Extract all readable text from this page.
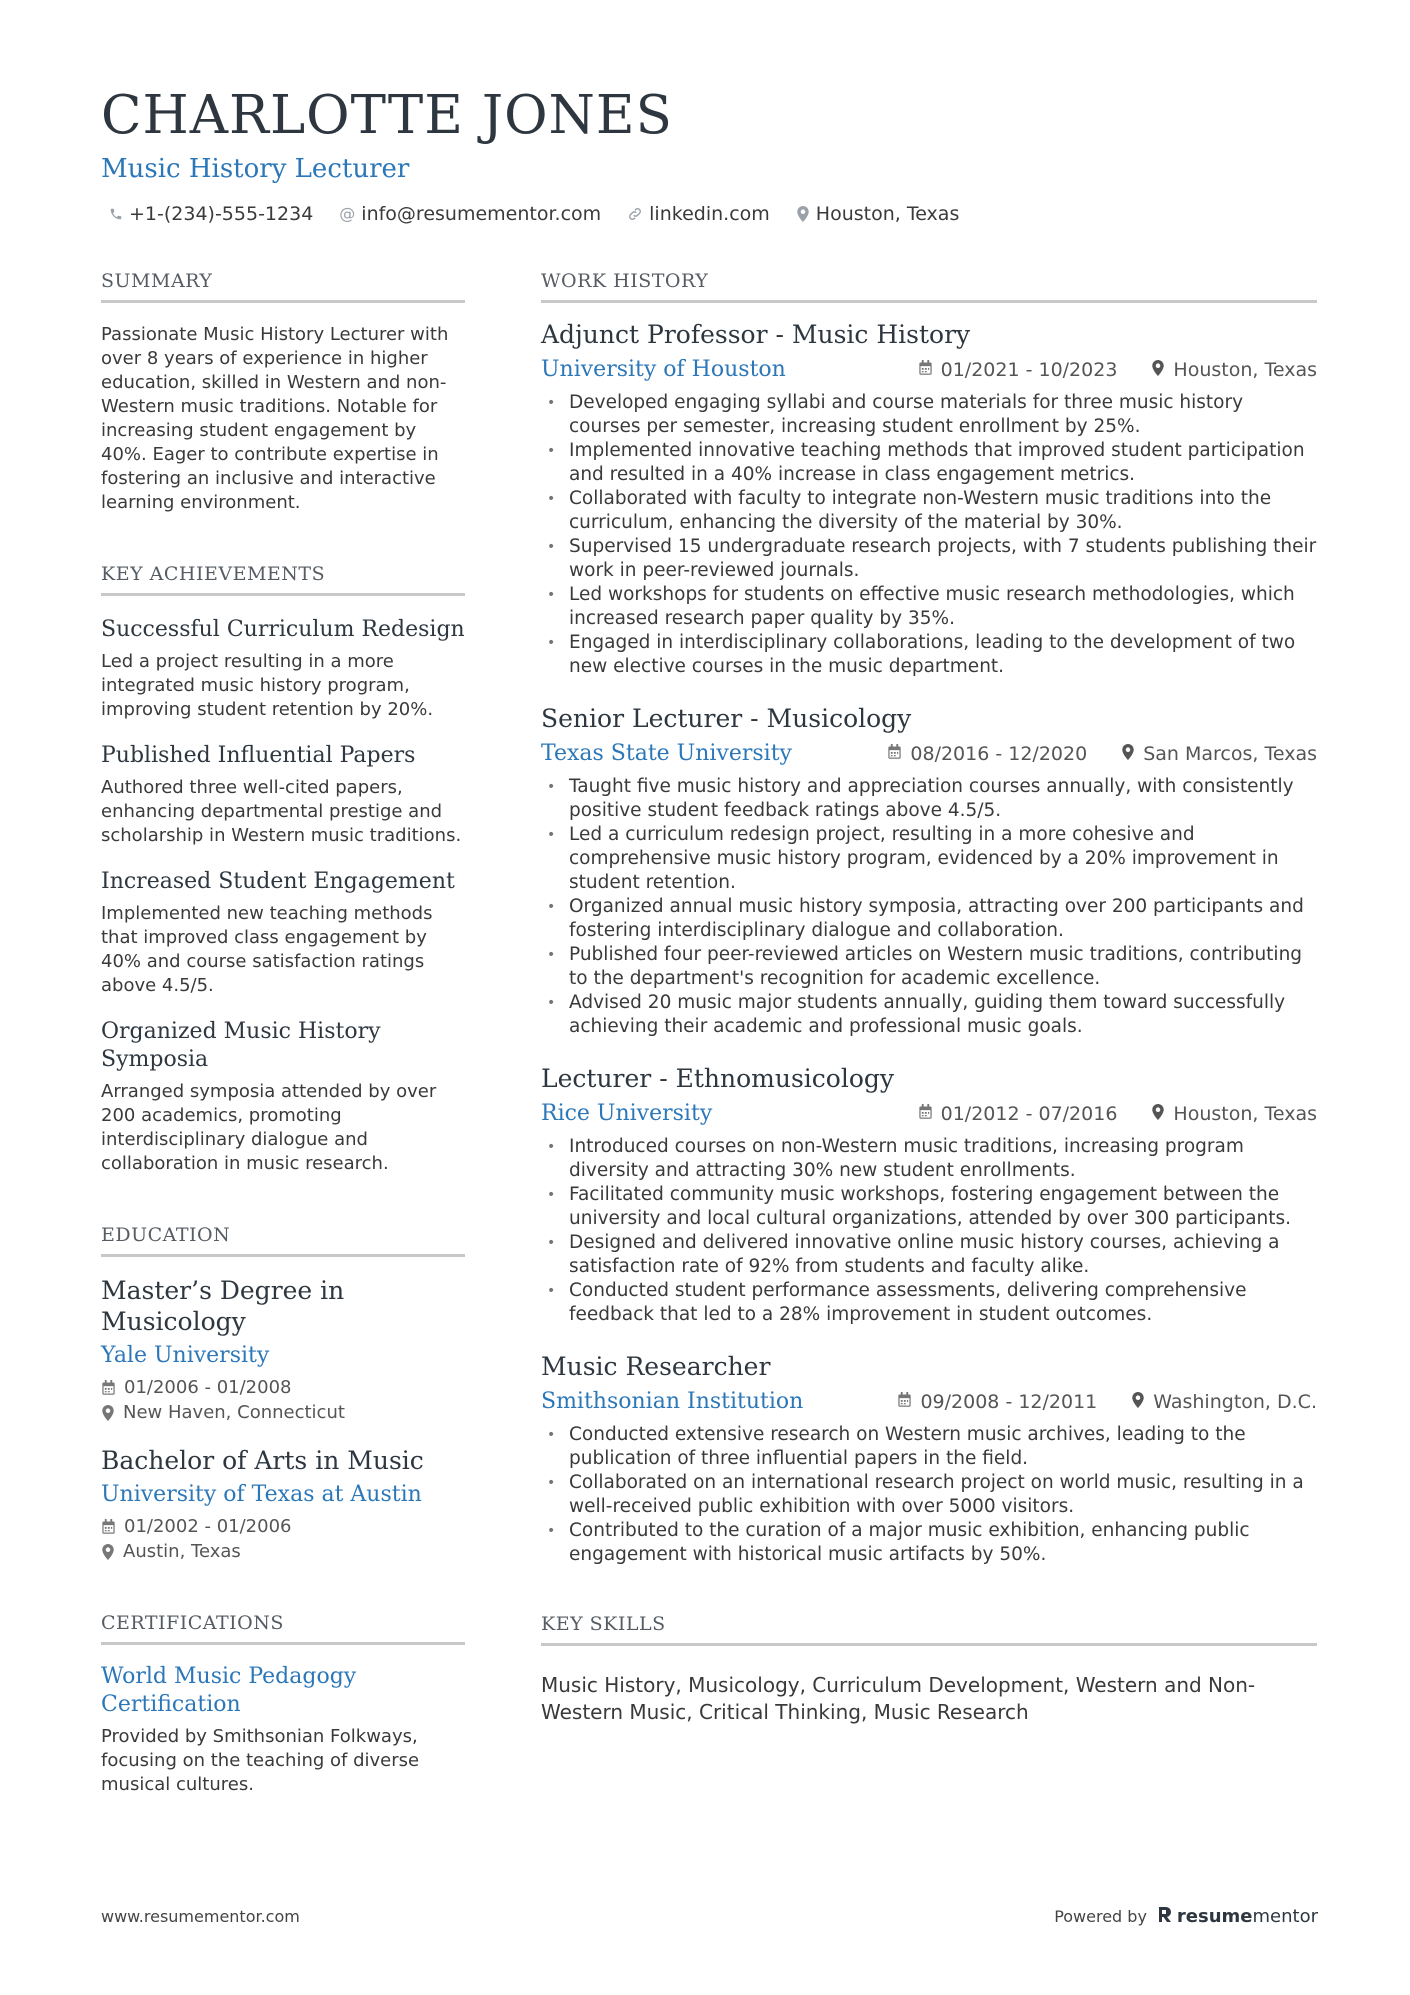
CHARLOTTE JONES
Music History Lecturer
+1-(234)-555-1234 @ info@resumementor.com	linkedin.com Houston, Texas
SUMMARY
Passionate Music History Lecturer with over 8 years of experience in higher education, skilled in Western and non-Western music traditions. Notable for increasing student engagement by 40%. Eager to contribute expertise in fostering an inclusive and interactive learning environment.
KEY ACHIEVEMENTS
Successful Curriculum Redesign
Led a project resulting in a more integrated music history program, improving student retention by 20%.
Published Influential Papers
Authored three well-cited papers, enhancing departmental prestige and scholarship in Western music traditions.
Increased Student Engagement
Implemented new teaching methods that improved class engagement by 40% and course satisfaction ratings above 4.5/5.
Organized Music History Symposia
Arranged symposia attended by over 200 academics, promoting interdisciplinary dialogue and collaboration in music research.
EDUCATION
Master’s Degree in Musicology
Yale University
01/2006 - 01/2008
New Haven, Connecticut
Bachelor of Arts in Music
University of Texas at Austin
01/2002 - 01/2006
Austin, Texas
CERTIFICATIONS
World Music Pedagogy Certification
Provided by Smithsonian Folkways, focusing on the teaching of diverse musical cultures.
WORK HISTORY
Adjunct Professor - Music History
University of Houston	01/2021 - 10/2023	Houston, Texas
• Developed engaging syllabi and course materials for three music history courses per semester, increasing student enrollment by 25%.
• Implemented innovative teaching methods that improved student participation and resulted in a 40% increase in class engagement metrics.
• Collaborated with faculty to integrate non-Western music traditions into the curriculum, enhancing the diversity of the material by 30%.
• Supervised 15 undergraduate research projects, with 7 students publishing their work in peer-reviewed journals.
• Led workshops for students on effective music research methodologies, which increased research paper quality by 35%.
• Engaged in interdisciplinary collaborations, leading to the development of two new elective courses in the music department.
Senior Lecturer - Musicology
Texas State University	08/2016 - 12/2020	San Marcos, Texas
• Taught five music history and appreciation courses annually, with consistently positive student feedback ratings above 4.5/5.
• Led a curriculum redesign project, resulting in a more cohesive and comprehensive music history program, evidenced by a 20% improvement in student retention.
• Organized annual music history symposia, attracting over 200 participants and fostering interdisciplinary dialogue and collaboration.
• Published four peer-reviewed articles on Western music traditions, contributing to the department's recognition for academic excellence.
• Advised 20 music major students annually, guiding them toward successfully achieving their academic and professional music goals.
Lecturer - Ethnomusicology
Rice University	01/2012 - 07/2016	Houston, Texas
• Introduced courses on non-Western music traditions, increasing program diversity and attracting 30% new student enrollments.
• Facilitated community music workshops, fostering engagement between the university and local cultural organizations, attended by over 300 participants.
• Designed and delivered innovative online music history courses, achieving a satisfaction rate of 92% from students and faculty alike.
• Conducted student performance assessments, delivering comprehensive feedback that led to a 28% improvement in student outcomes.
Music Researcher
Smithsonian Institution	09/2008 - 12/2011	Washington, D.C.
• Conducted extensive research on Western music archives, leading to the publication of three influential papers in the field.
• Collaborated on an international research project on world music, resulting in a well-received public exhibition with over 5000 visitors.
• Contributed to the curation of a major music exhibition, enhancing public engagement with historical music artifacts by 50%.
KEY SKILLS
Music History, Musicology, Curriculum Development, Western and Non-Western Music, Critical Thinking, Music Research
www.resumementor.com	Powered by resume mentor
